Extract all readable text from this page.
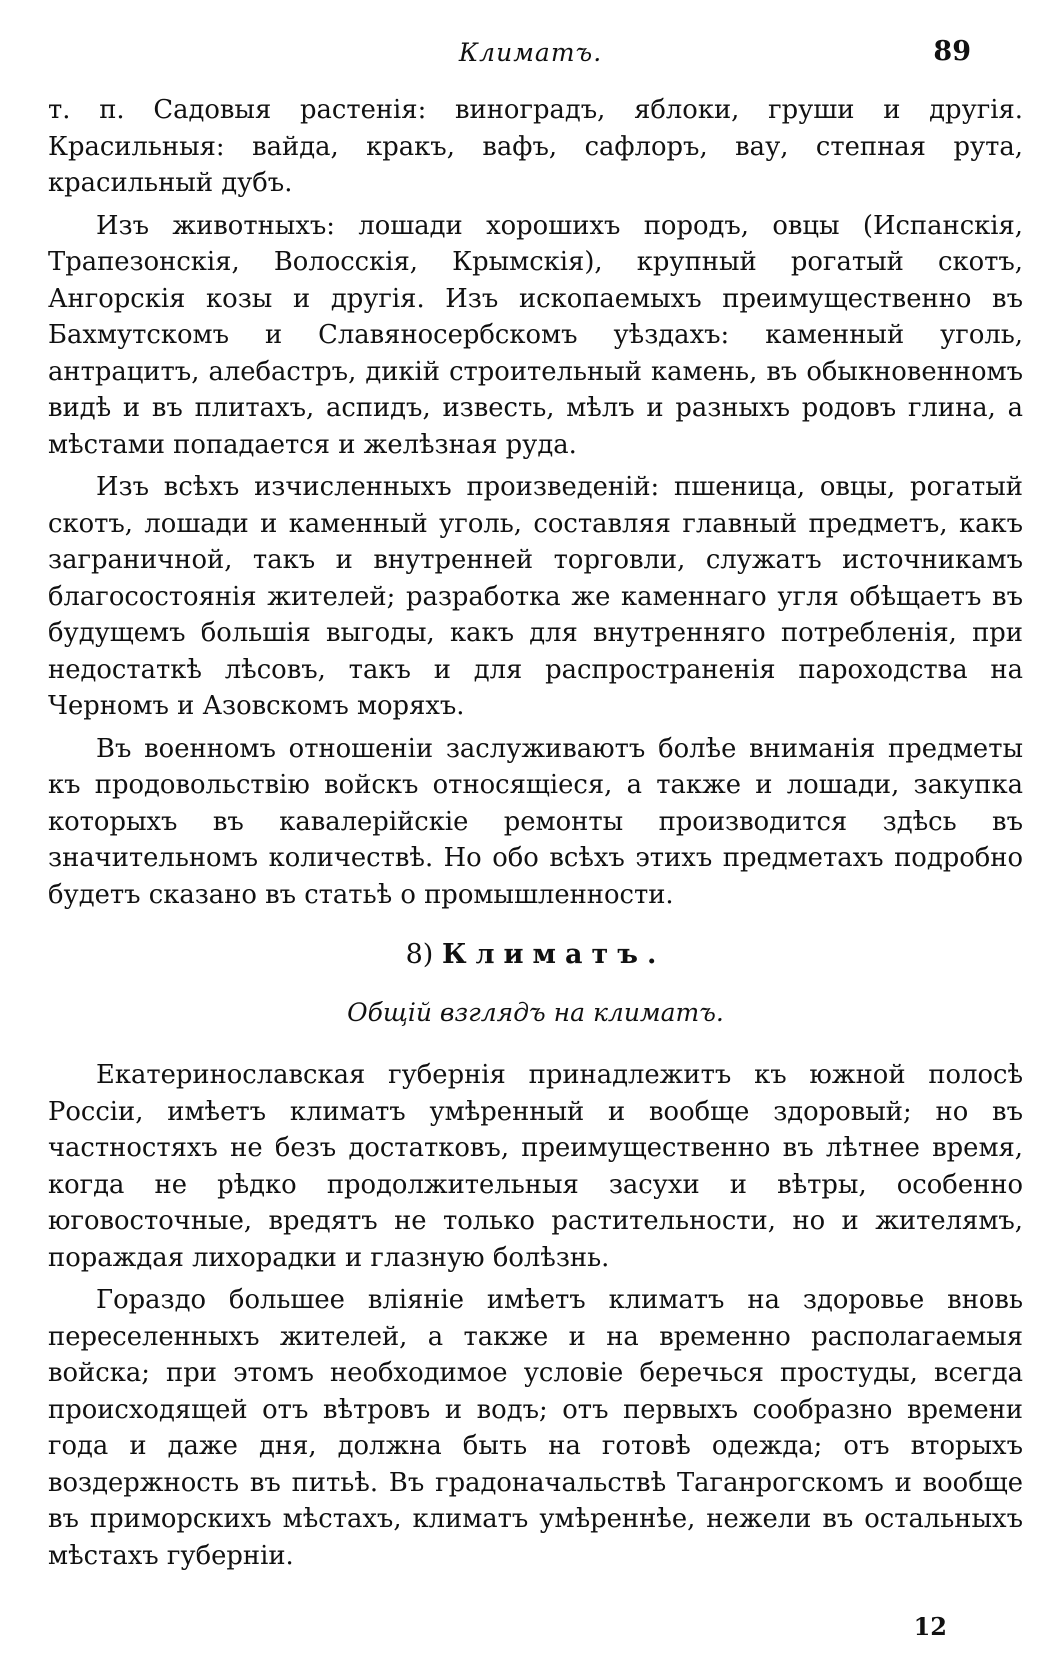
Климатъ.	89

т. п. Садовыя растенія: виноградъ, яблоки, груши и другія. Красильныя: вайда, кракъ, вафъ, сафлоръ, вау, степная рута, красильный дубъ.

Изъ животныхъ: лошади хорошихъ породъ, овцы (Испанскія, Трапезонскія, Волосскія, Крымскія), крупный рогатый скотъ, Ангорскія козы и другія. Изъ ископаемыхъ преимущественно въ Бахмутскомъ и Славяносербскомъ уѣздахъ: каменный уголь, антрацитъ, алебастръ, дикій строительный камень, въ обыкновенномъ видѣ и въ плитахъ, аспидъ, известь, мѣлъ и разныхъ родовъ глина, а мѣстами попадается и желѣзная руда.

Изъ всѣхъ изчисленныхъ произведеній: пшеница, овцы, рогатый скотъ, лошади и каменный уголь, составляя главный предметъ, какъ заграничной, такъ и внутренней торговли, служатъ источникамъ благосостоянія жителей; разработка же каменнаго угля обѣщаетъ въ будущемъ большія выгоды, какъ для внутренняго потребленія, при недостаткѣ лѣсовъ, такъ и для распространенія пароходства на Черномъ и Азовскомъ моряхъ.

Въ военномъ отношеніи заслуживаютъ болѣе вниманія предметы къ продовольствію войскъ относящіеся, а также и лошади, закупка которыхъ въ кавалерійскіе ремонты производится здѣсь въ значительномъ количествѣ. Но обо всѣхъ этихъ предметахъ подробно будетъ сказано въ статьѣ о промышленности.

8) Климатъ.
Общій взглядъ на климатъ.

Екатеринославская губернія принадлежитъ къ южной полосѣ Россіи, имѣетъ климатъ умѣренный и вообще здоровый; но въ частностяхъ не безъ достатковъ, преимущественно въ лѣтнее время, когда не рѣдко продолжительныя засухи и вѣтры, особенно юговосточные, вредятъ не только растительности, но и жителямъ, пораждая лихорадки и глазную болѣзнь.

Гораздо большее вліяніе имѣетъ климатъ на здоровье вновь переселенныхъ жителей, а также и на временно располагаемыя войска; при этомъ необходимое условіе беречься простуды, всегда происходящей отъ вѣтровъ и водъ; отъ первыхъ сообразно времени года и даже дня, должна быть на готовѣ одежда; отъ вторыхъ воздержность въ питьѣ. Въ градоначальствѣ Таганрогскомъ и вообще въ приморскихъ мѣстахъ, климатъ умѣреннѣе, нежели въ остальныхъ мѣстахъ губерніи.

12
